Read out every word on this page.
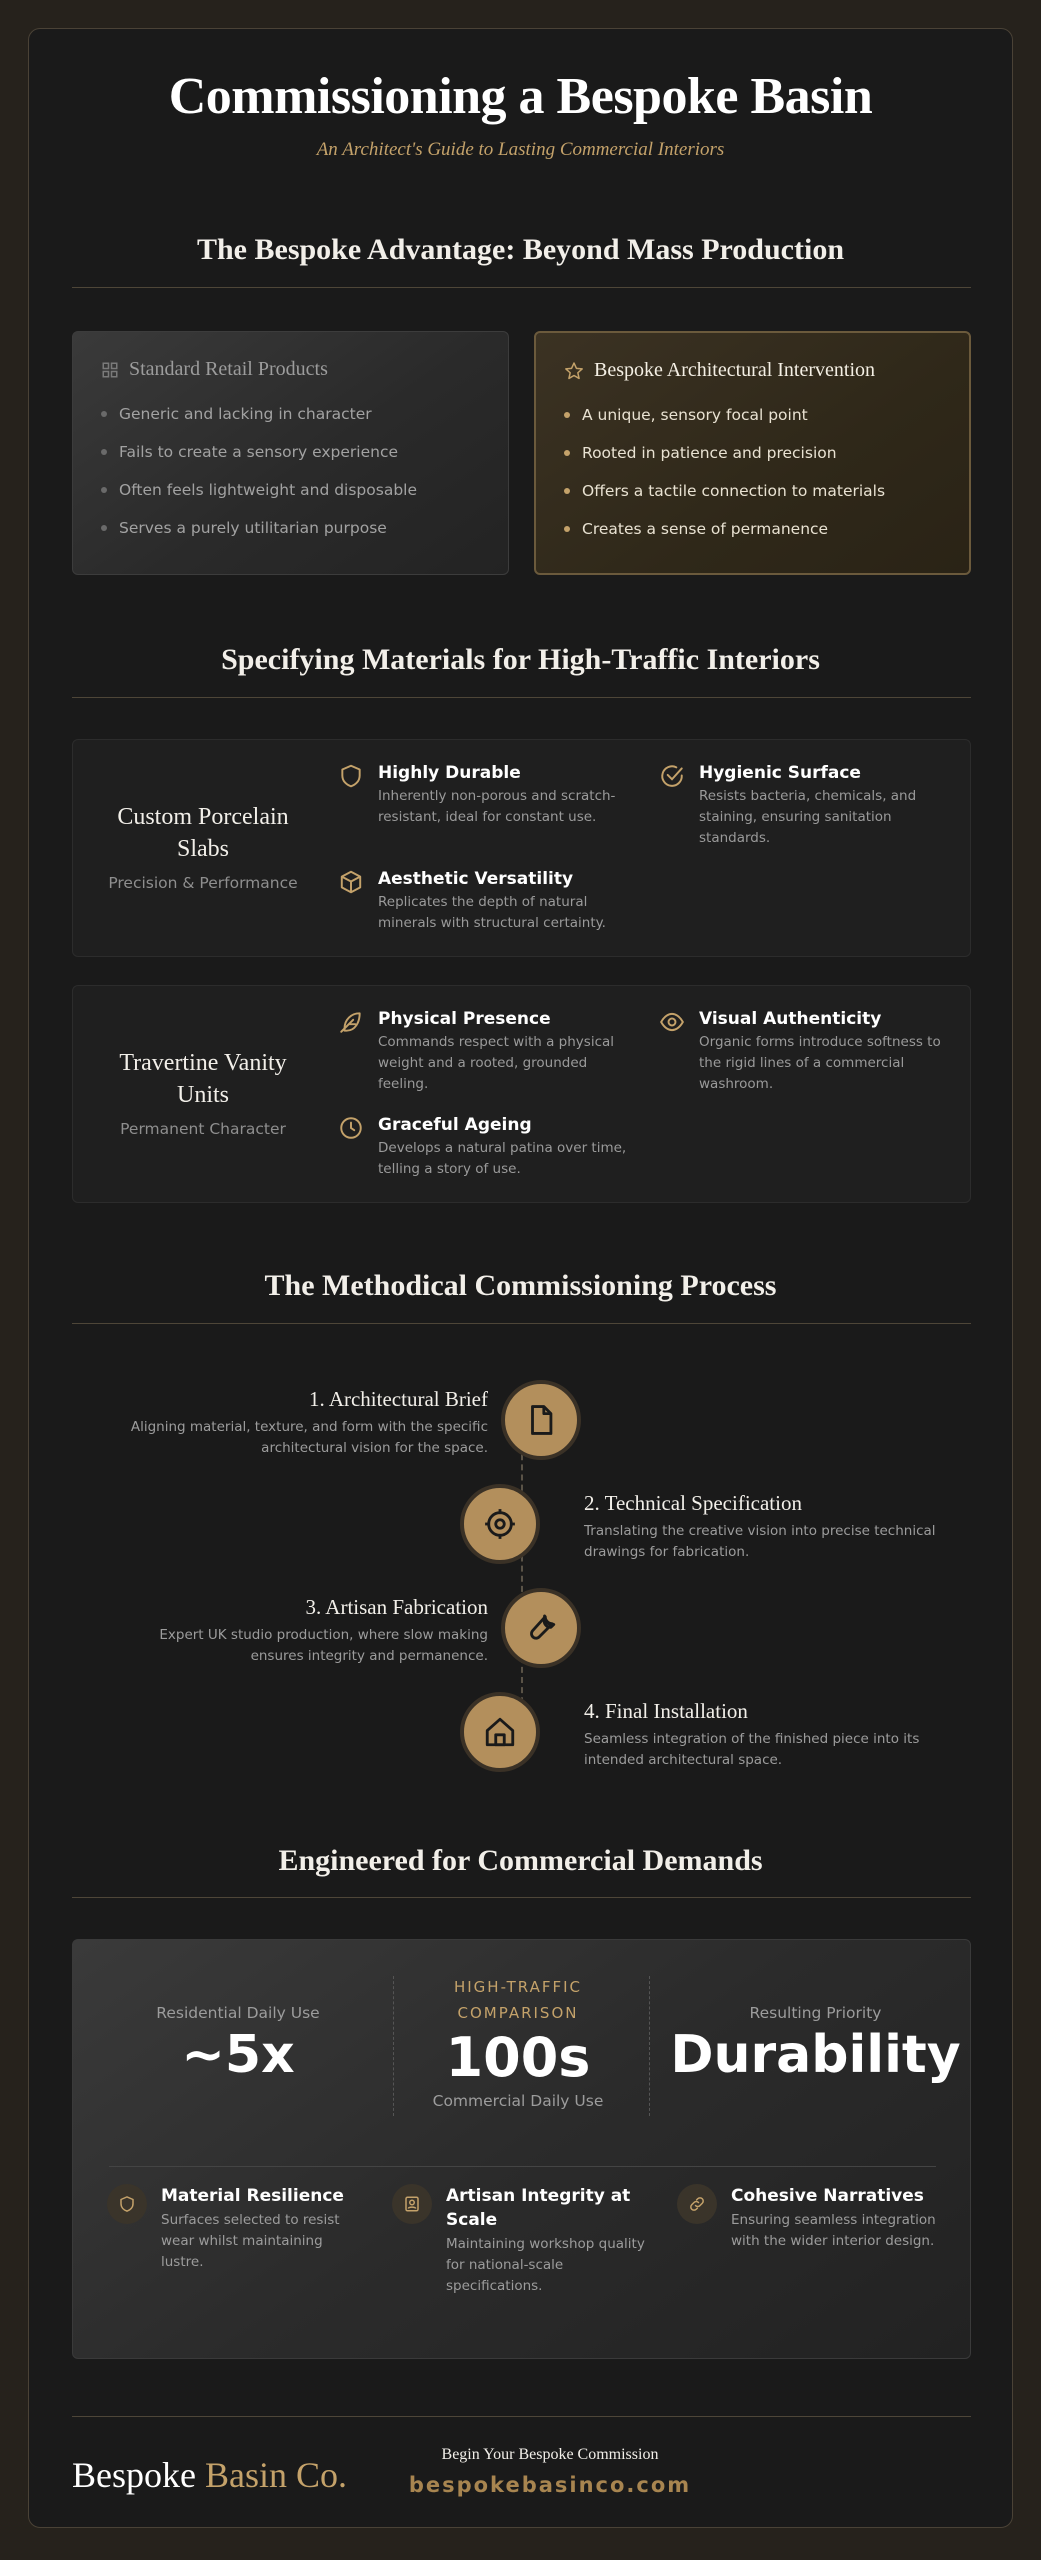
Commissioning a Bespoke Basin
An Architect's Guide to Lasting Commercial Interiors
The Bespoke Advantage: Beyond Mass Production
Standard Retail Products
Generic and lacking in character
Fails to create a sensory experience
Often feels lightweight and disposable
Serves a purely utilitarian purpose
Bespoke Architectural Intervention
A unique, sensory focal point
Rooted in patience and precision
Offers a tactile connection to materials
Creates a sense of permanence
Specifying Materials for High-Traffic Interiors
Custom Porcelain Slabs
Precision & Performance
Highly Durable
Inherently non-porous and scratch-resistant, ideal for constant use.
Hygienic Surface
Resists bacteria, chemicals, and staining, ensuring sanitation standards.
Aesthetic Versatility
Replicates the depth of natural minerals with structural certainty.
Travertine Vanity Units
Permanent Character
Physical Presence
Commands respect with a physical weight and a rooted, grounded feeling.
Visual Authenticity
Organic forms introduce softness to the rigid lines of a commercial washroom.
Graceful Ageing
Develops a natural patina over time, telling a story of use.
The Methodical Commissioning Process
1. Architectural Brief
Aligning material, texture, and form with the specific architectural vision for the space.
2. Technical Specification
Translating the creative vision into precise technical drawings for fabrication.
3. Artisan Fabrication
Expert UK studio production, where slow making ensures integrity and permanence.
4. Final Installation
Seamless integration of the finished piece into its intended architectural space.
Engineered for Commercial Demands
Residential Daily Use
~5x
HIGH-TRAFFIC COMPARISON
100s
Commercial Daily Use
Resulting Priority
Durability
Material Resilience
Surfaces selected to resist wear whilst maintaining lustre.
Artisan Integrity at Scale
Maintaining workshop quality for national-scale specifications.
Cohesive Narratives
Ensuring seamless integration with the wider interior design.
Bespoke Basin Co.
Begin Your Bespoke Commission
bespokebasinco.com
